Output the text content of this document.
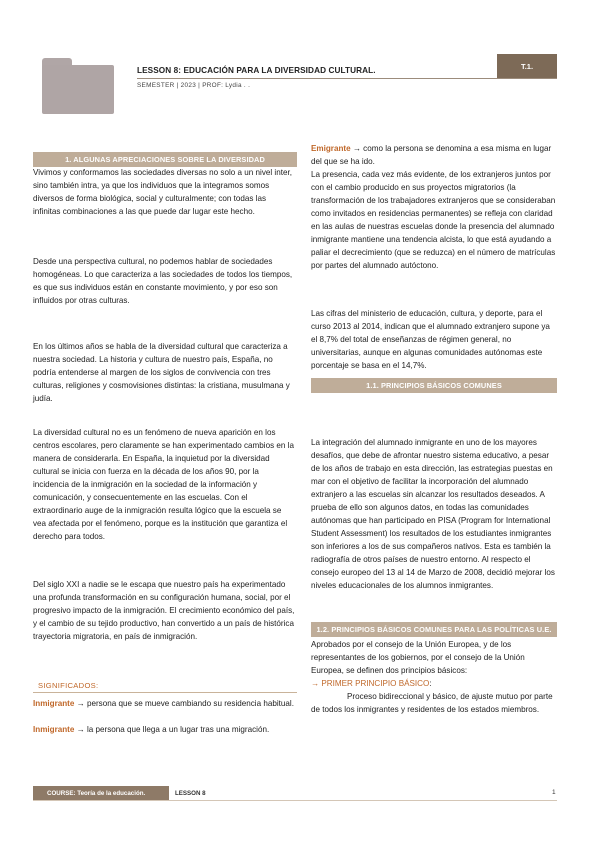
LESSON 8: EDUCACIÓN PARA LA DIVERSIDAD CULTURAL.
SEMESTER | 2023 | PROF: Lydia . .
T.1.
1. ALGUNAS APRECIACIONES SOBRE LA DIVERSIDAD

Vivimos y conformamos las sociedades diversas no solo a un nivel inter, sino también intra, ya que los individuos que la integramos somos diversos de forma biológica, social y culturalmente; con todas las infinitas combinaciones a las que puede dar lugar este hecho.

Desde una perspectiva cultural, no podemos hablar de sociedades homogéneas. Lo que caracteriza a las sociedades de todos los tiempos, es que sus individuos están en constante movimiento, y por eso son influidos por otras culturas.

En los últimos años se habla de la diversidad cultural que caracteriza a nuestra sociedad. La historia y cultura de nuestro país, España, no podría entenderse al margen de los siglos de convivencia con tres culturas, religiones y cosmovisiones distintas: la cristiana, musulmana y judía.

La diversidad cultural no es un fenómeno de nueva aparición en los centros escolares, pero claramente se han experimentado cambios en la manera de considerarla. En España, la inquietud por la diversidad cultural se inicia con fuerza en la década de los años 90, por la incidencia de la inmigración en la sociedad de la información y comunicación, y consecuentemente en las escuelas. Con el extraordinario auge de la inmigración resulta lógico que la escuela se vea afectada por el fenómeno, porque es la institución que garantiza el derecho para todos.

Del siglo XXI a nadie se le escapa que nuestro país ha experimentado una profunda transformación en su configuración humana, social, por el progresivo impacto de la inmigración. El crecimiento económico del país, y el cambio de su tejido productivo, han convertido a un país de histórica trayectoria migratoria, en país de inmigración.

SIGNIFICADOS:

Inmigrante → persona que se mueve cambiando su residencia habitual.

Inmigrante → la persona que llega a un lugar tras una migración.

Emigrante → como la persona se denomina a esa misma en lugar del que se ha ido.

La presencia, cada vez más evidente, de los extranjeros juntos por con el cambio producido en sus proyectos migratorios (la transformación de los trabajadores extranjeros que se consideraban como invitados en residencias permanentes) se refleja con claridad en las aulas de nuestras escuelas donde la presencia del alumnado inmigrante mantiene una tendencia alcista, lo que está ayudando a paliar el decrecimiento (que se reduzca) en el número de matrículas por partes del alumnado autóctono.

Las cifras del ministerio de educación, cultura, y deporte, para el curso 2013 al 2014, indican que el alumnado extranjero supone ya el 8,7% del total de enseñanzas de régimen general, no universitarias, aunque en algunas comunidades autónomas este porcentaje se basa en el 14,7%.

1.1. PRINCIPIOS BÁSICOS COMUNES

La integración del alumnado inmigrante en uno de los mayores desafíos, que debe de afrontar nuestro sistema educativo, a pesar de los años de trabajo en esta dirección, las estrategias puestas en mar con el objetivo de facilitar la incorporación del alumnado extranjero a las escuelas sin alcanzar los resultados deseados. A prueba de ello son algunos datos, en todas las comunidades autónomas que han participado en PISA (Program for International Student Assessment) los resultados de los estudiantes inmigrantes son inferiores a los de sus compañeros nativos. Esta es también la radiografía de otros países de nuestro entorno. Al respecto el consejo europeo del 13 al 14 de Marzo de 2008, decidió mejorar los niveles educacionales de los alumnos inmigrantes.

1.2. PRINCIPIOS BÁSICOS COMUNES PARA LAS POLÍTICAS U.E.

Aprobados por el consejo de la Unión Europea, y de los representantes de los gobiernos, por el consejo de la Unión Europea, se definen dos principios básicos:

→ PRIMER PRINCIPIO BÁSICO:

Proceso bidireccional y básico, de ajuste mutuo por parte de todos los inmigrantes y residentes de los estados miembros.

COURSE: Teoría de la educación.	LESSON 8	1
